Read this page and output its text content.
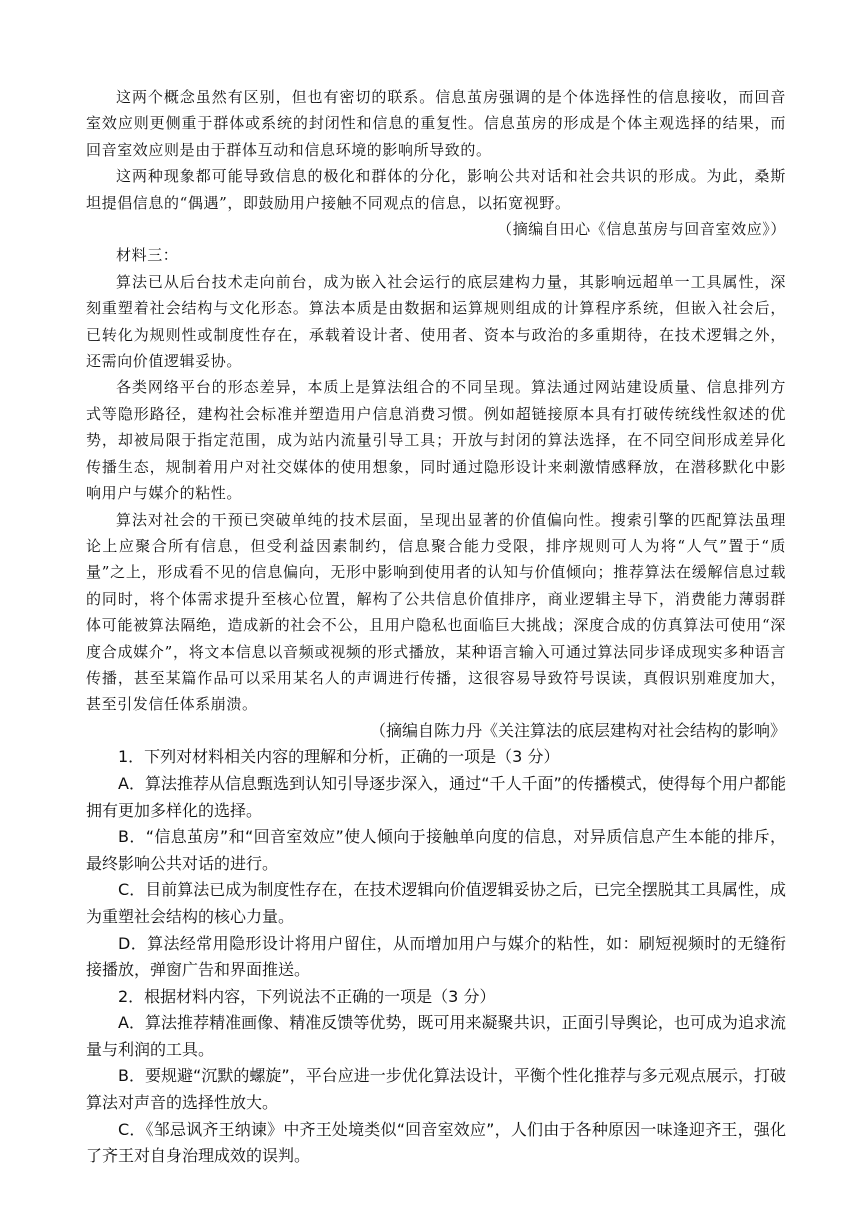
这两个概念虽然有区别，但也有密切的联系。信息茧房强调的是个体选择性的信息接收，而回音室效应则更侧重于群体或系统的封闭性和信息的重复性。信息茧房的形成是个体主观选择的结果，而回音室效应则是由于群体互动和信息环境的影响所导致的。

这两种现象都可能导致信息的极化和群体的分化，影响公共对话和社会共识的形成。为此，桑斯坦提倡信息的“偶遇”，即鼓励用户接触不同观点的信息，以拓宽视野。

（摘编自田心《信息茧房与回音室效应》）

材料三：

算法已从后台技术走向前台，成为嵌入社会运行的底层建构力量，其影响远超单一工具属性，深刻重塑着社会结构与文化形态。算法本质是由数据和运算规则组成的计算程序系统，但嵌入社会后，已转化为规则性或制度性存在，承载着设计者、使用者、资本与政治的多重期待，在技术逻辑之外，还需向价值逻辑妥协。

各类网络平台的形态差异，本质上是算法组合的不同呈现。算法通过网站建设质量、信息排列方式等隐形路径，建构社会标准并塑造用户信息消费习惯。例如超链接原本具有打破传统线性叙述的优势，却被局限于指定范围，成为站内流量引导工具；开放与封闭的算法选择，在不同空间形成差异化传播生态，规制着用户对社交媒体的使用想象，同时通过隐形设计来刺激情感释放，在潜移默化中影响用户与媒介的粘性。

算法对社会的干预已突破单纯的技术层面，呈现出显著的价值偏向性。搜索引擎的匹配算法虽理论上应聚合所有信息，但受利益因素制约，信息聚合能力受限，排序规则可人为将“人气”置于“质量”之上，形成看不见的信息偏向，无形中影响到使用者的认知与价值倾向；推荐算法在缓解信息过载的同时，将个体需求提升至核心位置，解构了公共信息价值排序，商业逻辑主导下，消费能力薄弱群体可能被算法隔绝，造成新的社会不公，且用户隐私也面临巨大挑战；深度合成的仿真算法可使用“深度合成媒介”，将文本信息以音频或视频的形式播放，某种语言输入可通过算法同步译成现实多种语言传播，甚至某篇作品可以采用某名人的声调进行传播，这很容易导致符号误读，真假识别难度加大，甚至引发信任体系崩溃。

（摘编自陈力丹《关注算法的底层建构对社会结构的影响》

1．下列对材料相关内容的理解和分析，正确的一项是（3 分）

A．算法推荐从信息甄选到认知引导逐步深入，通过“千人千面”的传播模式，使得每个用户都能拥有更加多样化的选择。

B．“信息茧房”和“回音室效应”使人倾向于接触单向度的信息，对异质信息产生本能的排斥，最终影响公共对话的进行。

C．目前算法已成为制度性存在，在技术逻辑向价值逻辑妥协之后，已完全摆脱其工具属性，成为重塑社会结构的核心力量。

D．算法经常用隐形设计将用户留住，从而增加用户与媒介的粘性，如：刷短视频时的无缝衔接播放，弹窗广告和界面推送。

2．根据材料内容，下列说法不正确的一项是（3 分）

A．算法推荐精准画像、精准反馈等优势，既可用来凝聚共识，正面引导舆论，也可成为追求流量与利润的工具。

B．要规避“沉默的螺旋”，平台应进一步优化算法设计，平衡个性化推荐与多元观点展示，打破算法对声音的选择性放大。

C．《邹忌讽齐王纳谏》中齐王处境类似“回音室效应”，人们由于各种原因一味逢迎齐王，强化了齐王对自身治理成效的误判。
